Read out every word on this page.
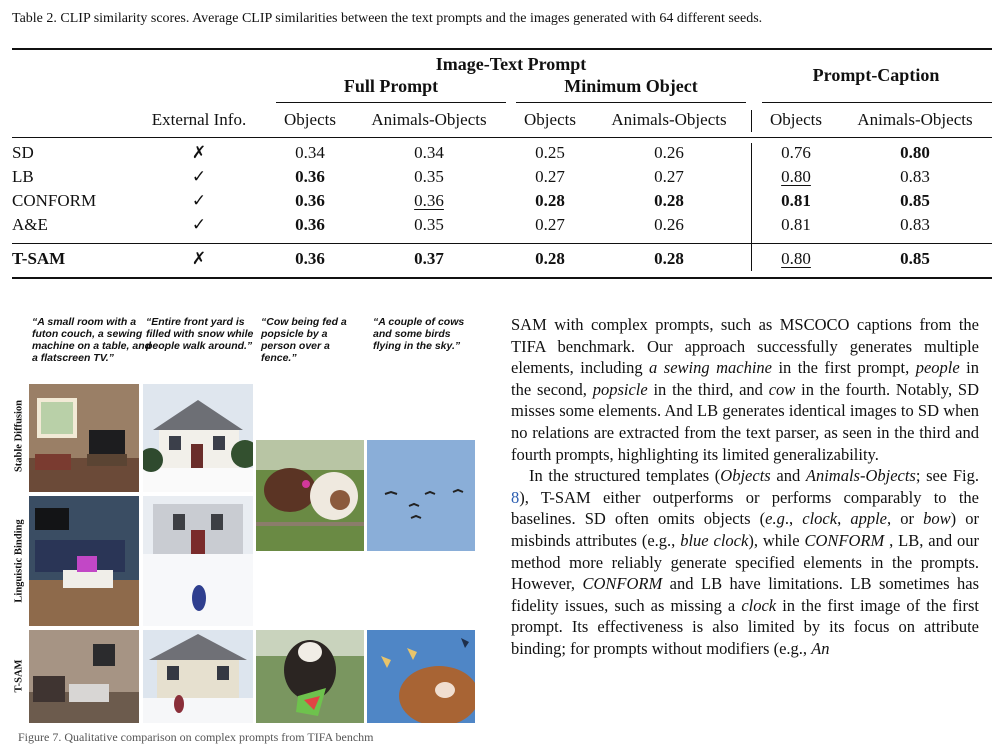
Table 2. CLIP similarity scores. Average CLIP similarities between the text prompts and the images generated with 64 different seeds.
Image-Text Prompt
Full Prompt	Minimum Object
Prompt-Caption
External Info.	Objects	Animals-Objects	Objects	Animals-Objects	Objects	Animals-Objects
SD	✗	0.34	0.34	0.25	0.26	0.76	0.80
LB	✓	0.36	0.35	0.27	0.27	0.80	0.83
CONFORM	✓	0.36	0.36	0.28	0.28	0.81	0.85
A&E	✓	0.36	0.35	0.27	0.26	0.81	0.83
T-SAM	✗	0.36	0.37	0.28	0.28	0.80	0.85
“A small room with a futon couch, a sewing machine on a table, and a flatscreen TV.”
“Entire front yard is filled with snow while people walk around.”
“Cow being fed a popsicle by a person over a fence.”
“A couple of cows and some birds flying in the sky.”
Stable Diffusion
Linguistic Binding
T-SAM
Figure 7. Qualitative comparison on complex prompts from TIFA benchm

SAM with complex prompts, such as MSCOCO captions from the TIFA benchmark. Our approach successfully generates multiple elements, including a sewing machine in the first prompt, people in the second, popsicle in the third, and cow in the fourth. Notably, SD misses some elements. And LB generates identical images to SD when no relations are extracted from the text parser, as seen in the third and fourth prompts, highlighting its limited generalizability.

In the structured templates (Objects and Animals-Objects; see Fig. 8), T-SAM either outperforms or performs comparably to the baselines. SD often omits objects (e.g., clock, apple, or bow) or misbinds attributes (e.g., blue clock), while CONFORM , LB, and our method more reliably generate specified elements in the prompts. However, CONFORM and LB have limitations. LB sometimes has fidelity issues, such as missing a clock in the first image of the first prompt. Its effectiveness is also limited by its focus on attribute binding; for prompts without modifiers (e.g., An
